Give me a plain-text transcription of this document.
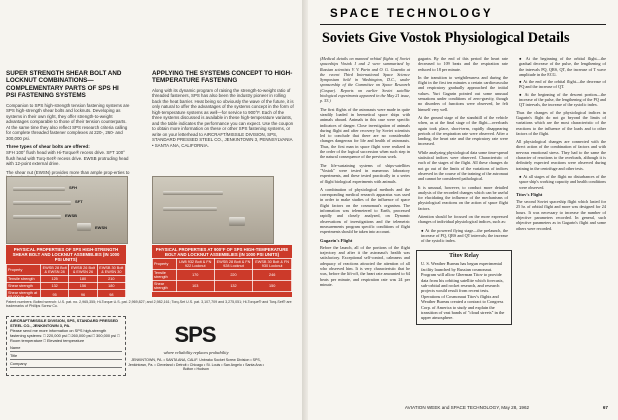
SUPER STRENGTH SHEAR BOLT AND LOCKNUT COMBINATIONS—COMPLEMENTARY PARTS OF SPS HI PSI FASTENING SYSTEMS

Companion to SPS high-strength tension fastening systems are SPS high-strength shear bolts and locknuts. Developing as systems in their own right, they offer strength-to-weight advantages comparable to those of their tension counterparts. At the same time they also reflect SPS research criteria calling for complete threaded fastener complexes at 220-, 260- and 300,000 psi.

Three types of shear bolts are offered:

SFH 100° flush head with Hi-Torque® recess drive. SFT 100° flush head with Torq-Set® recess drive. EWSB protruding head with 12-point external drive.

The shear nut (EWSN) provides more than ample prop-erties to

APPLYING THE SYSTEMS CONCEPT TO HIGH-TEMPERATURE FASTENING

Along with its dynamic program of raising the strength-to-weight ratio of threaded fasteners, SPS has also been the industry pioneer in rolling back the heat barrier. Heat being so obviously the wave of the future, it is only natural to offer the advantages of the systems concept in the form of high-temperature systems as well—for service to 900°F. Each of the three systems discussed is available in these high-temperature variants, and the table indicates the performance you can expect. Use the coupon to obtain more information on these or other SPS fastening systems, or write on your letterhead to AIRCRAFT/MISSILE DIVISION, SPS, STANDARD PRESSED STEEL CO., JENKINTOWN 3, PENNSYLVANIA • SANTA ANA, CALIFORNIA.

SFH
SFT
EWSB
EWSN
PHYSICAL PROPERTIES OF SPS HIGH-STRENGTH SHEAR BOLT AND LOCKNUT ASSEMBLIES (IN 1000 PSI UNITS)
Property	EWSB 28 Bolt & EWSN 28	EWSB 26 Bolt & EWSN 26	EWSB 30 Bolt & EWSN 30
Tensile strength	125	180	210
Shear strength	132	156	180
Shear strength at 65,000 ty, avg.	95	96	98
PHYSICAL PROPERTIES AT 900°F OF SPS HIGH-TEMPERATURE BOLT AND LOCKNUT ASSEMBLIES (IN 1000 PSI UNITS)
Property	LW8 932 Bolt & FN 922 Locknut	EWSB 28 Bolt & FN 928 Locknut	EWSB 30 Bolt & FN 930 Locknut
Tensile strength	170	220	246
Shear strength	103	132	150
Patent numbers: Bolted wrench: U.S. pat. no. 2,965,355; Hi-Torque U.S. pat. 2,969,827; and 2,982,161; Torq-Set U.S. pat. 3,107,709 and 3,275,051; Hi-Torque® and Torq-Set® are trademarks of Phillips Screw Co.
AIRCRAFT/MISSILE DIVISION, SPS, STANDARD PRESSED STEEL CO., JENKINTOWN 3, PA.
Please send me more information on SPS high-strength fastening systems: □ 220,000 psi □ 260,000 psi □ 300,000 psi □ Room temperature □ Elevated temperature
Name
Title
Company
SPS
where reliability replaces probability
JENKINTOWN, PA. • SANTA ANA, CALIF. Unbrako Socket Screw Division • SPS, Jenkintown, Pa. • Cleveland • Detroit • Chicago • St. Louis • San Angelo • Santa Ana • Bolton • Hudson
SPACE TECHNOLOGY
Soviets Give Vostok Physiological Details

(Medical details on manned orbital flights of Soviet spaceships Vostok I and 2 were summarized by Russian scientists V. V. Parin and O. G. Gazenko at the recent Third International Space Science Symposium held in Washington, D.C., under sponsorship of the Committee on Space Research (Cospar). Reports on earlier Soviet satellite biological experiments appeared in the May 21 issue, p. 53.)

The first flights of the astronauts were made in quite steadily loaded in hermetical space ships with animals aboard. Animals in this case were specific indicators of danger. Close investigation of animals during flight and after recovery by Soviet scientists led to conclude that there are no considerable changes dangerous for life and health of astronauts. Thus, the first man in space flight were realized in the order of the logical succession when such step in the natural consequence of the previous work.

The life-sustaining systems of ships-satellites "Vostok" were tested in numerous laboratory experiments, and these tested practically in a series of flight biological experiments with animals.

A combination of physiological methods and the corresponding medical research apparatus was used in order to make studies of the influence of space flight factors on the cosmonaut's organism. The information was telemetered to Earth, processed rapidly and closely analyzed, on Dynamic observations of investigations and the telemetric measurements program specific conditions of flight experiments should be taken into account.

Gagarin's Flight

Before the launch, all of the portions of the flight trajectory and after it the astronaut's health was satisfactory. Exceptional self-control, calmness and adequacy of reactions attracted the attention of all who observed him. It is very characteristic that he was, before the lift-off, the heart rate amounted to 64 beats per minute, and respiration rate was 24 per minute.

gagarin. By the end of this period the heart rate decreased to 109 beats and the respiration rate reduced to 18 per minute.

In the transition to weightlessness and during the flight in the first ten minutes a certain cardiovascular and respiratory gradually approached the initial values. Yuri Gagarin pointed out some unusual sensations under conditions of zero-gravity, though no disorders of functions were observed, he felt himself very well.

At the ground stage of the standstill of the vehicle when, as at the final stage of the flight—overloads again took place, short-term, rapidly disappearing periods of the respiration rate were observed. After a landing, the heart rate and the respiratory rate were increased.

While analyzing physiological data some time-spread statistical indices were observed. Characteristic of each of the stages of the flight. All these changes do not go out of the limits of the variations of indices observed in the course of the training of the astronaut and cannot be considered pathological.

It is unusual, however, to conduct more detailed analysis of the recorded changes which can be useful for elucidating the influence of the mechanisms of physiological reactions on the action of space flight factors.

Attention should be focused on the more expressed changes of individual physiological indices, such as:

● At the powered flying stage—the prelaunch, the increase of PQ, QRS and QT intervals; the increase of the systolic index.
Titov Relay
U. S. Weather Bureau has begun experimental facility launched by Russian cosmonaut. Program will allow Gherman Titov to provide data from his orbiting satellite which forecasts, sub-orbital and rocket research, and research projects would result from recent tests. Operations of Cosmonaut Titov's flights and Weather Bureau created a contract to Congress Corp. of America to study and explain the transition of vast bands of "cloud streets" in the upper atmosphere.
● At the beginning of the orbital flight—the gradual decrease of the pulse, the lengthening of the intervals PQ, QRS, QT, the increase of T wave amplitude in the ECG.
● At the end of the orbital flight—the decrease of PQ and the increase of QT.
● At the beginning of the descent portion—the increase of the pulse, the lengthening of the PQ and QT intervals, the increase of the systolic index.

Thus the changes of the physiological indices in Gagarin's flight do not go beyond the limits of variations which are the most characteristic of the reactions to the influence of the loads and to other factors of the flight.

All physiological changes are connected with the direct action of the combination of factors and with nervous emotional stress. They had to the same the character of reactions to the overloads, although it is definitely expected reactions were observed during training in the centrifuge and other tests.

● At all stages of the flight no disturbances of the space ship's working capacity and health conditions were observed.
Titov's Flight

The second Soviet spaceship flight which lasted for 25 hr. of orbital flight and more was designed for 24 hours. It was necessary to increase the number of objective parameters recorded. In general, such objective parameters as in Gagarin's flight and some others were recorded.

AVIATION WEEK and SPACE TECHNOLOGY, May 28, 1962	67
